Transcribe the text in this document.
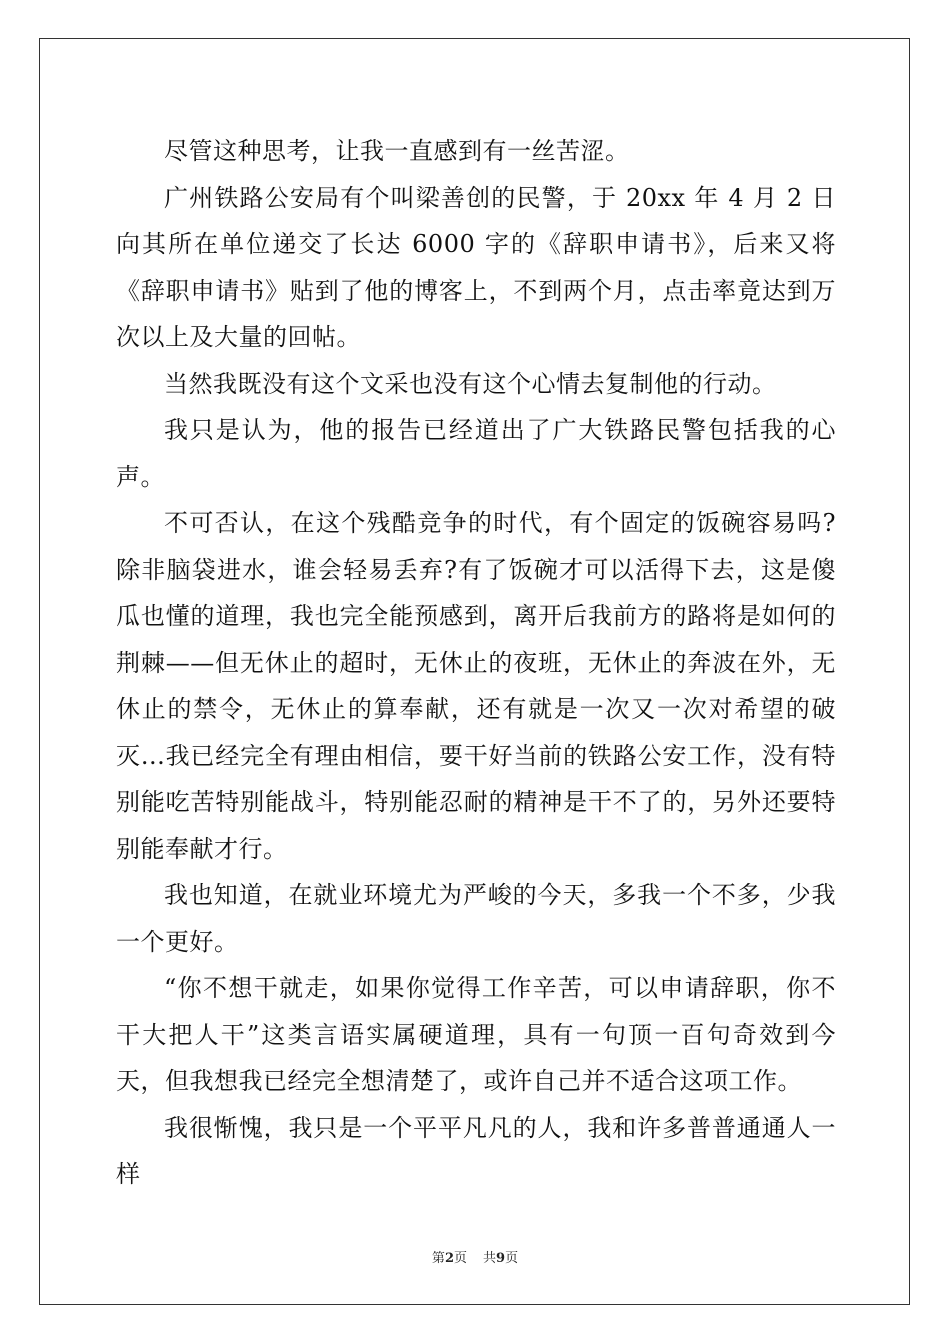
尽管这种思考，让我一直感到有一丝苦涩。

广州铁路公安局有个叫梁善创的民警，于 20xx 年 4 月 2 日向其所在单位递交了长达 6000 字的《辞职申请书》，后来又将《辞职申请书》贴到了他的博客上，不到两个月，点击率竟达到万次以上及大量的回帖。

当然我既没有这个文采也没有这个心情去复制他的行动。

我只是认为，他的报告已经道出了广大铁路民警包括我的心声。

不可否认，在这个残酷竞争的时代，有个固定的饭碗容易吗?除非脑袋进水，谁会轻易丢弃?有了饭碗才可以活得下去，这是傻瓜也懂的道理，我也完全能预感到，离开后我前方的路将是如何的荆棘——但无休止的超时，无休止的夜班，无休止的奔波在外，无休止的禁令，无休止的算奉献，还有就是一次又一次对希望的破灭...我已经完全有理由相信，要干好当前的铁路公安工作，没有特别能吃苦特别能战斗，特别能忍耐的精神是干不了的，另外还要特别能奉献才行。

我也知道，在就业环境尤为严峻的今天，多我一个不多，少我一个更好。

“你不想干就走，如果你觉得工作辛苦，可以申请辞职，你不干大把人干”这类言语实属硬道理，具有一句顶一百句奇效到今天，但我想我已经完全想清楚了，或许自己并不适合这项工作。

我很惭愧，我只是一个平平凡凡的人，我和许多普普通通人一样

第2页 共9页
